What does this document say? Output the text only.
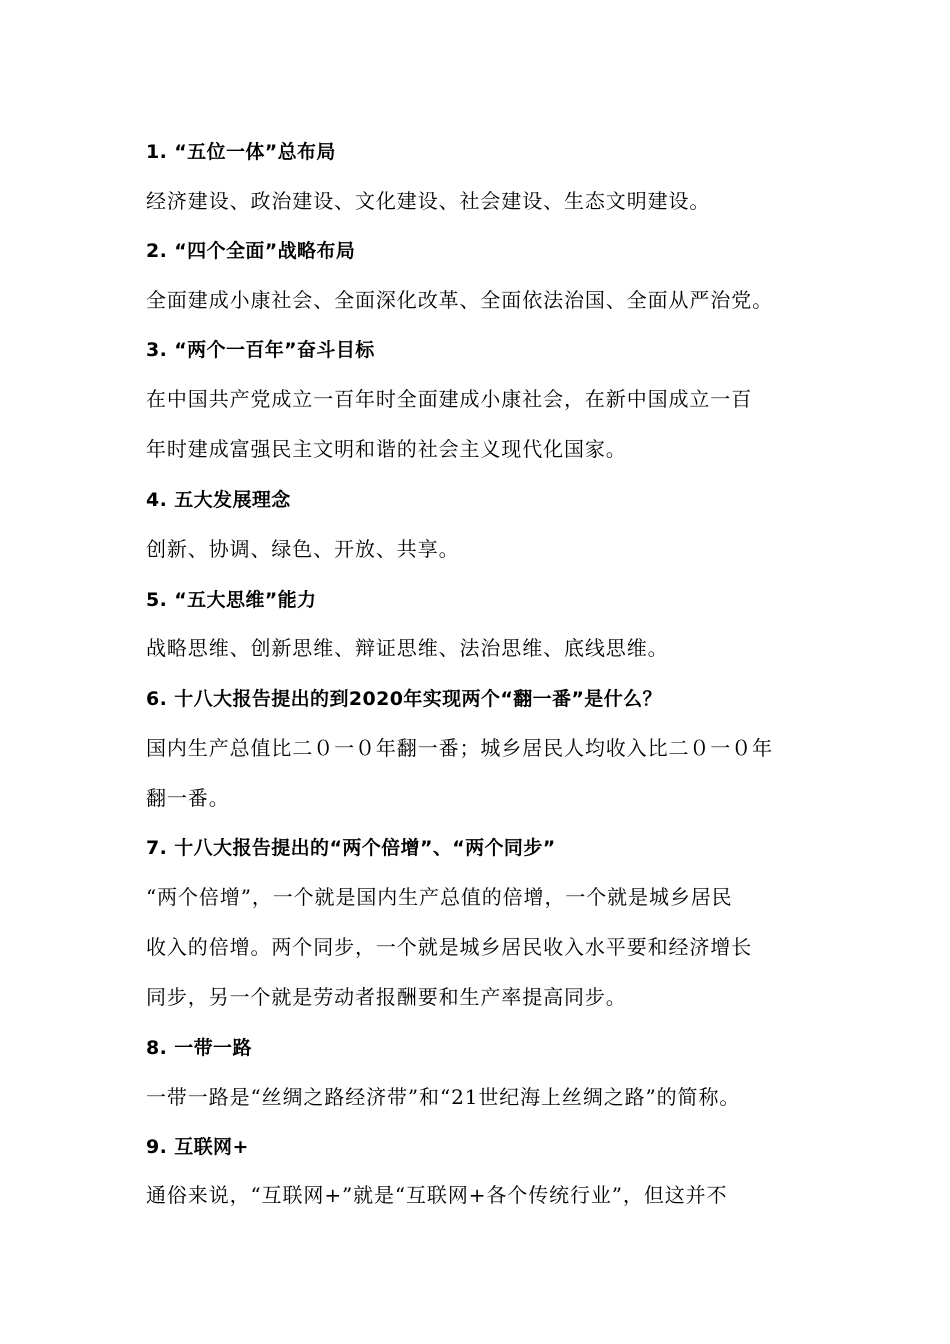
1. “五位一体”总布局
经济建设、政治建设、文化建设、社会建设、生态文明建设。
2. “四个全面”战略布局
全面建成小康社会、全面深化改革、全面依法治国、全面从严治党。
3. “两个一百年”奋斗目标
在中国共产党成立一百年时全面建成小康社会，在新中国成立一百
年时建成富强民主文明和谐的社会主义现代化国家。
4. 五大发展理念
创新、协调、绿色、开放、共享。
5. “五大思维”能力
战略思维、创新思维、辩证思维、法治思维、底线思维。
6. 十八大报告提出的到2020年实现两个“翻一番”是什么？
国内生产总值比二０一０年翻一番；城乡居民人均收入比二０一０年
翻一番。
7. 十八大报告提出的“两个倍增”、“两个同步”
“两个倍增”，一个就是国内生产总值的倍增，一个就是城乡居民
收入的倍增。两个同步，一个就是城乡居民收入水平要和经济增长
同步，另一个就是劳动者报酬要和生产率提高同步。
8. 一带一路
一带一路是“丝绸之路经济带”和“21世纪海上丝绸之路”的简称。
9. 互联网+
通俗来说，“互联网+”就是“互联网+各个传统行业”，但这并不
